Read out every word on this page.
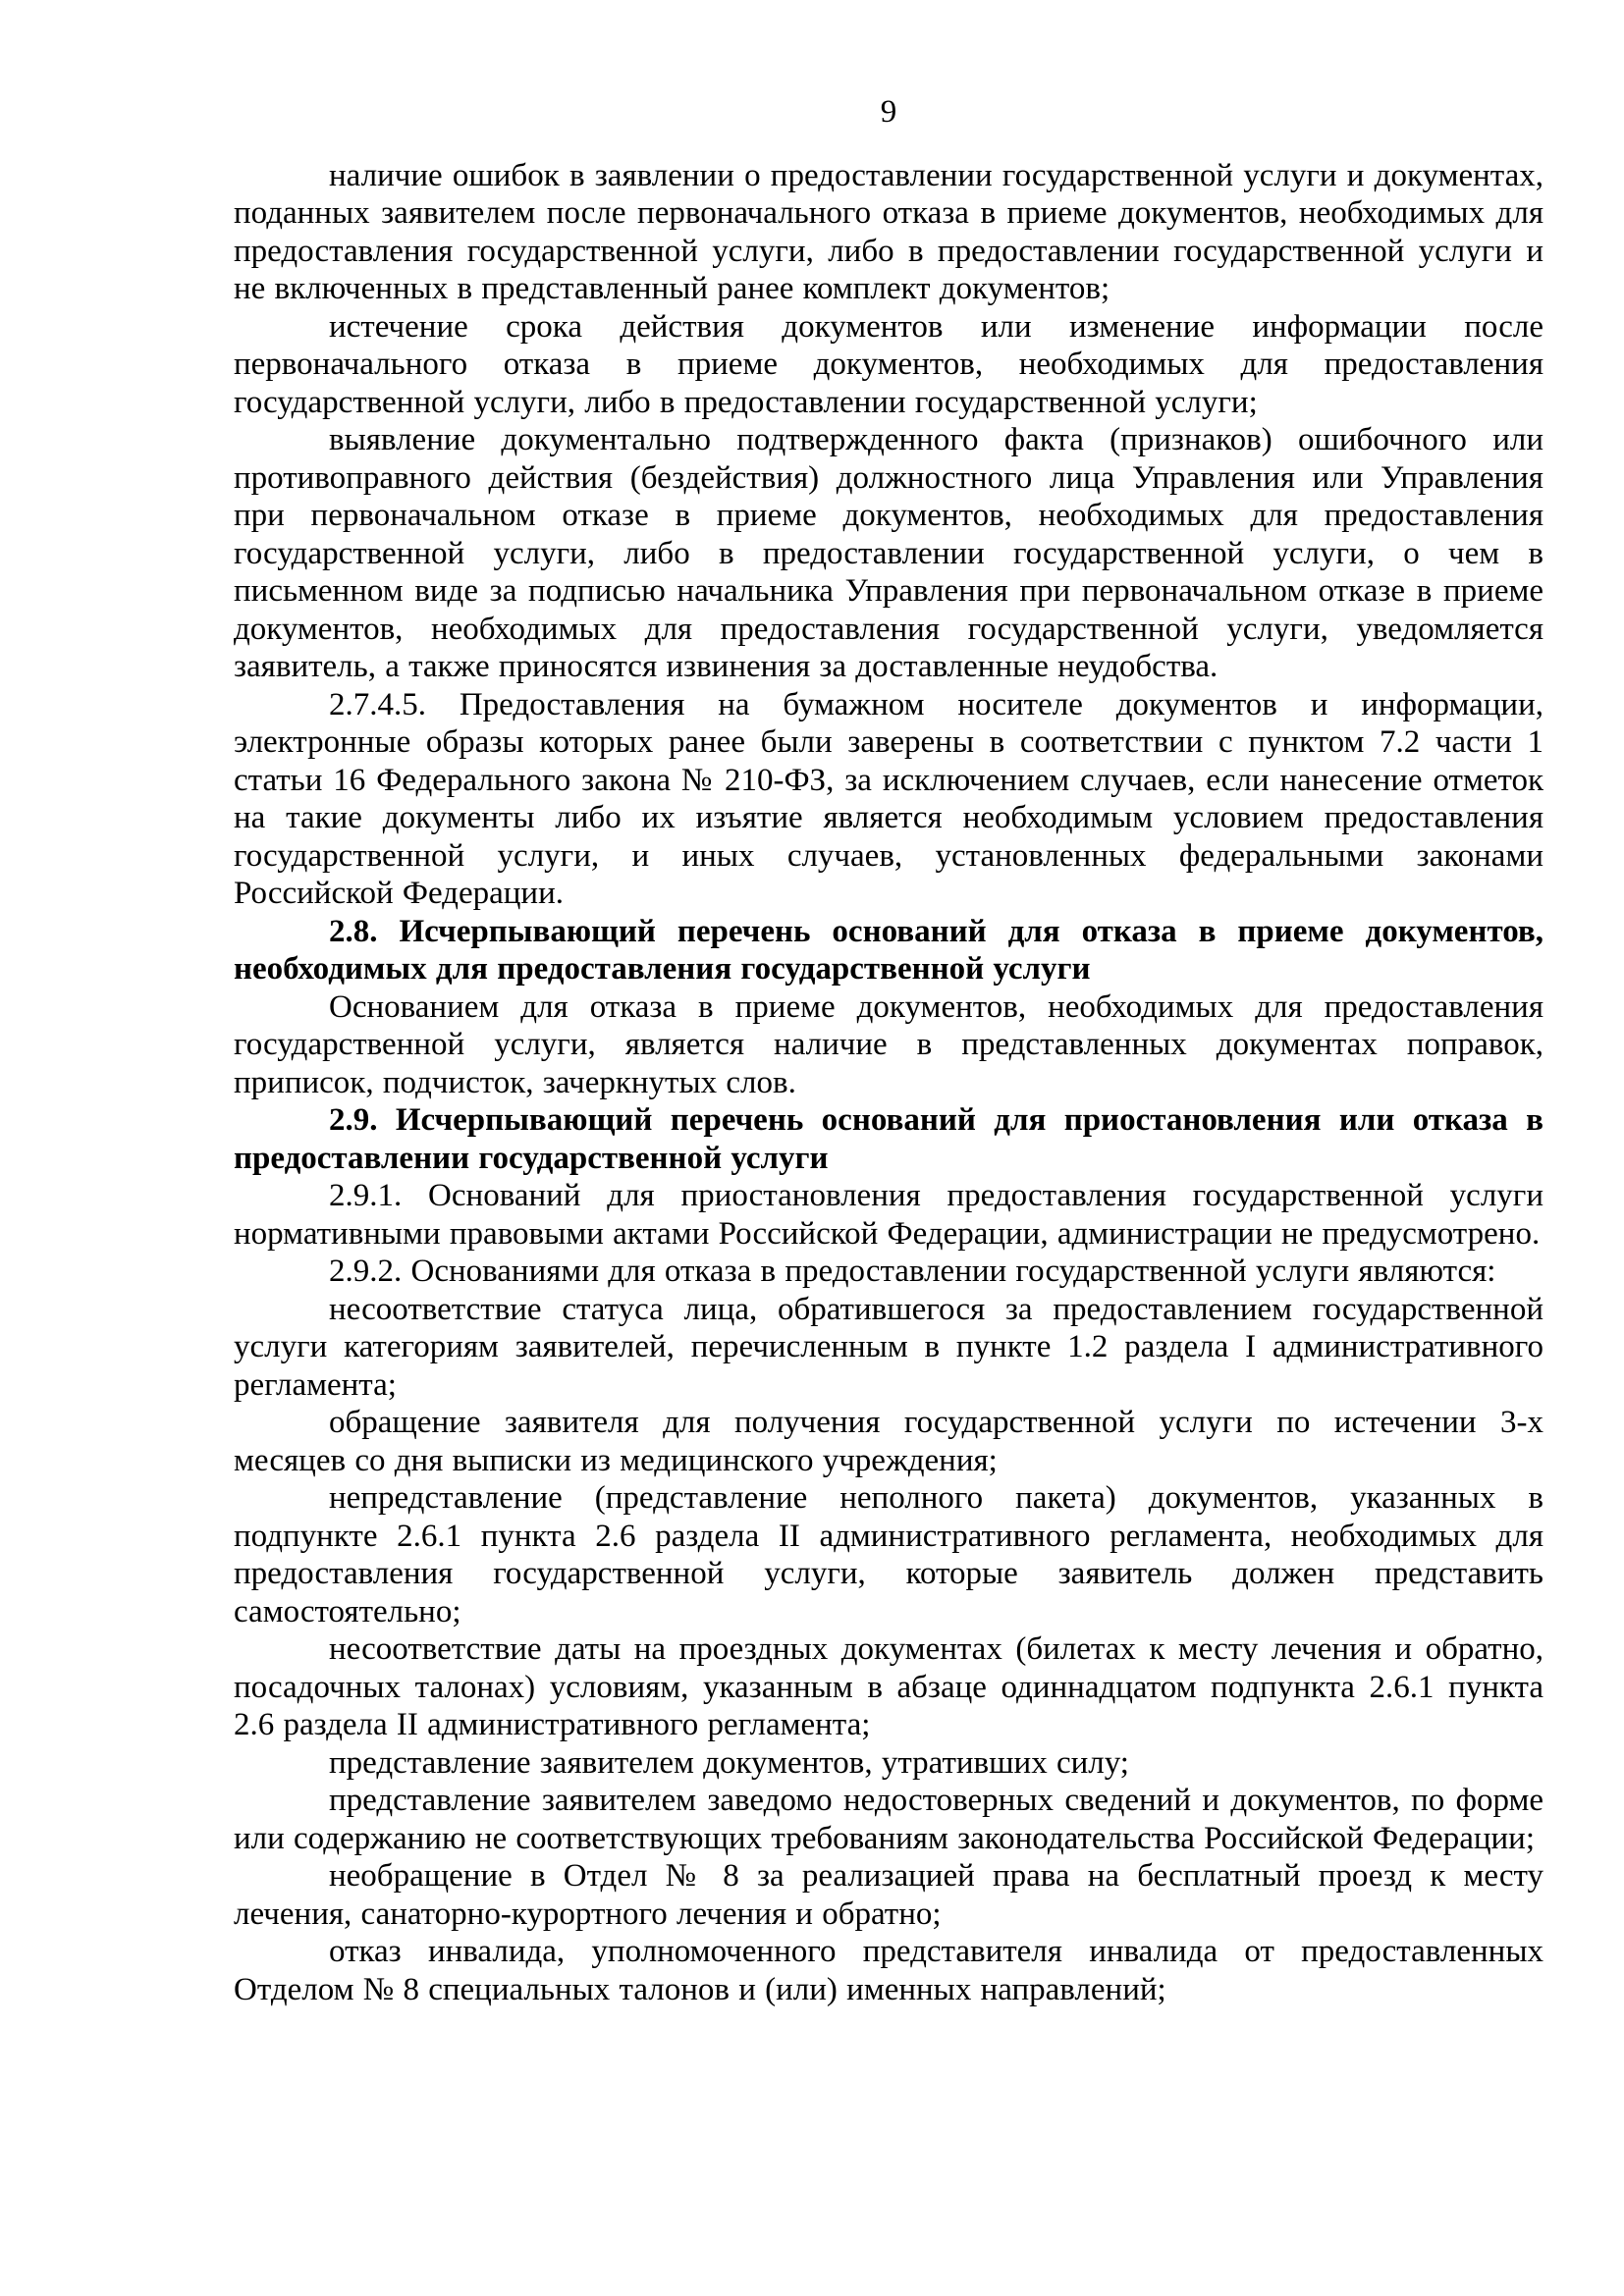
9

наличие ошибок в заявлении о предоставлении государственной услуги и документах, поданных заявителем после первоначального отказа в приеме документов, необходимых для предоставления государственной услуги, либо в предоставлении государственной услуги и не включенных в представленный ранее комплект документов;

истечение срока действия документов или изменение информации после первоначального отказа в приеме документов, необходимых для предоставления государственной услуги, либо в предоставлении государственной услуги;

выявление документально подтвержденного факта (признаков) ошибочного или противоправного действия (бездействия) должностного лица Управления или Управления при первоначальном отказе в приеме документов, необходимых для предоставления государственной услуги, либо в предоставлении государственной услуги, о чем в письменном виде за подписью начальника Управления при первоначальном отказе в приеме документов, необходимых для предоставления государственной услуги, уведомляется заявитель, а также приносятся извинения за доставленные неудобства.

2.7.4.5. Предоставления на бумажном носителе документов и информации, электронные образы которых ранее были заверены в соответствии с пунктом 7.2 части 1 статьи 16 Федерального закона № 210-ФЗ, за исключением случаев, если нанесение отметок на такие документы либо их изъятие является необходимым условием предоставления государственной услуги, и иных случаев, установленных федеральными законами Российской Федерации.

2.8. Исчерпывающий перечень оснований для отказа в приеме документов, необходимых для предоставления государственной услуги

Основанием для отказа в приеме документов, необходимых для предоставления государственной услуги, является наличие в представленных документах поправок, приписок, подчисток, зачеркнутых слов.

2.9. Исчерпывающий перечень оснований для приостановления или отказа в предоставлении государственной услуги

2.9.1. Оснований для приостановления предоставления государственной услуги нормативными правовыми актами Российской Федерации, администрации не предусмотрено.

2.9.2. Основаниями для отказа в предоставлении государственной услуги являются:

несоответствие статуса лица, обратившегося за предоставлением государственной услуги категориям заявителей, перечисленным в пункте 1.2 раздела I административного регламента;

обращение заявителя для получения государственной услуги по истечении 3-х месяцев со дня выписки из медицинского учреждения;

непредставление (представление неполного пакета) документов, указанных в подпункте 2.6.1 пункта 2.6 раздела II административного регламента, необходимых для предоставления государственной услуги, которые заявитель должен представить самостоятельно;

несоответствие даты на проездных документах (билетах к месту лечения и обратно, посадочных талонах) условиям, указанным в абзаце одиннадцатом подпункта 2.6.1 пункта 2.6 раздела II административного регламента;

представление заявителем документов, утративших силу;

представление заявителем заведомо недостоверных сведений и документов, по форме или содержанию не соответствующих требованиям законодательства Российской Федерации;

необращение в Отдел № 8 за реализацией права на бесплатный проезд к месту лечения, санаторно-курортного лечения и обратно;

отказ инвалида, уполномоченного представителя инвалида от предоставленных Отделом № 8 специальных талонов и (или) именных направлений;
